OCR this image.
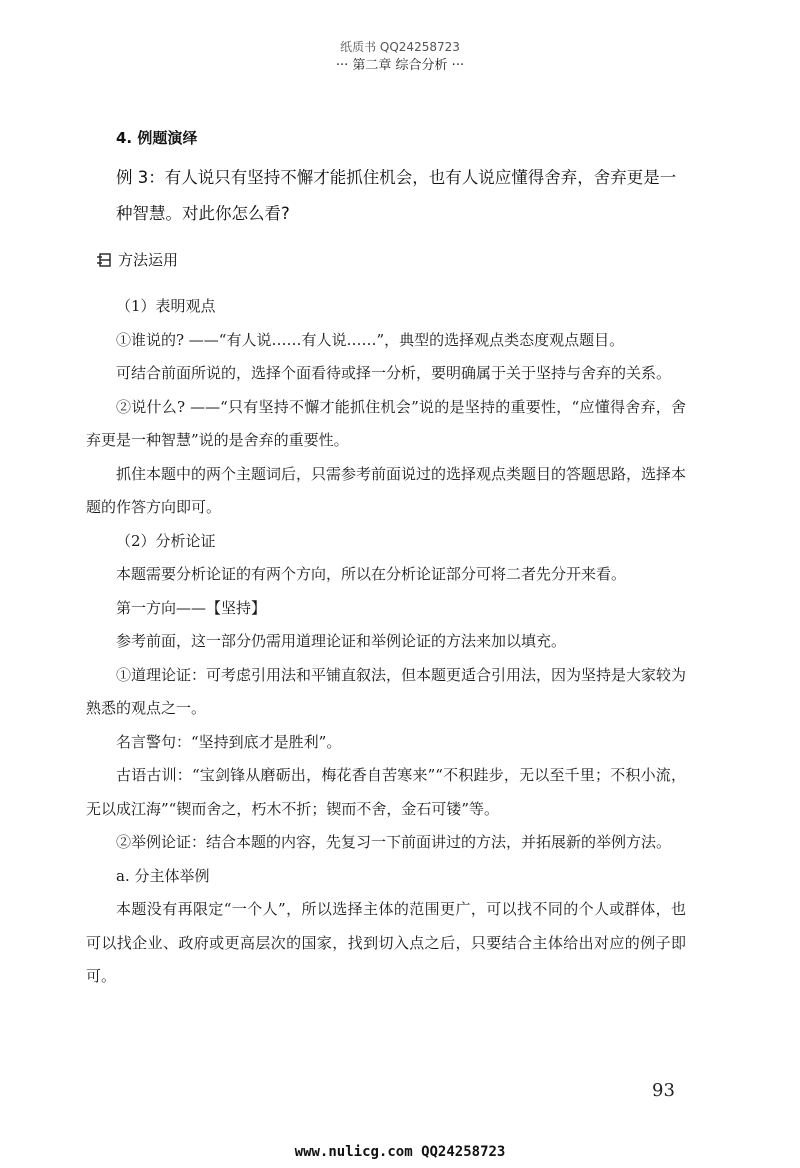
纸质书 QQ24258723
··· 第二章 综合分析 ···
4. 例题演绎
例 3：有人说只有坚持不懈才能抓住机会，也有人说应懂得舍弃，舍弃更是一种智慧。对此你怎么看?
方法运用

（1）表明观点

①谁说的? ——“有人说……有人说……”，典型的选择观点类态度观点题目。

可结合前面所说的，选择个面看待或择一分析，要明确属于关于坚持与舍弃的关系。

②说什么? ——“只有坚持不懈才能抓住机会”说的是坚持的重要性，“应懂得舍弃，舍弃更是一种智慧”说的是舍弃的重要性。

抓住本题中的两个主题词后，只需参考前面说过的选择观点类题目的答题思路，选择本题的作答方向即可。

（2）分析论证

本题需要分析论证的有两个方向，所以在分析论证部分可将二者先分开来看。

第一方向——【坚持】

参考前面，这一部分仍需用道理论证和举例论证的方法来加以填充。

①道理论证：可考虑引用法和平铺直叙法，但本题更适合引用法，因为坚持是大家较为熟悉的观点之一。

名言警句：“坚持到底才是胜利”。

古语古训：“宝剑锋从磨砺出，梅花香自苦寒来”“不积跬步，无以至千里；不积小流，无以成江海”“锲而舍之，朽木不折；锲而不舍，金石可镂”等。

②举例论证：结合本题的内容，先复习一下前面讲过的方法，并拓展新的举例方法。

a. 分主体举例

本题没有再限定“一个人”，所以选择主体的范围更广，可以找不同的个人或群体，也可以找企业、政府或更高层次的国家，找到切入点之后，只要结合主体给出对应的例子即可。

93
www.nulicg.com QQ24258723
